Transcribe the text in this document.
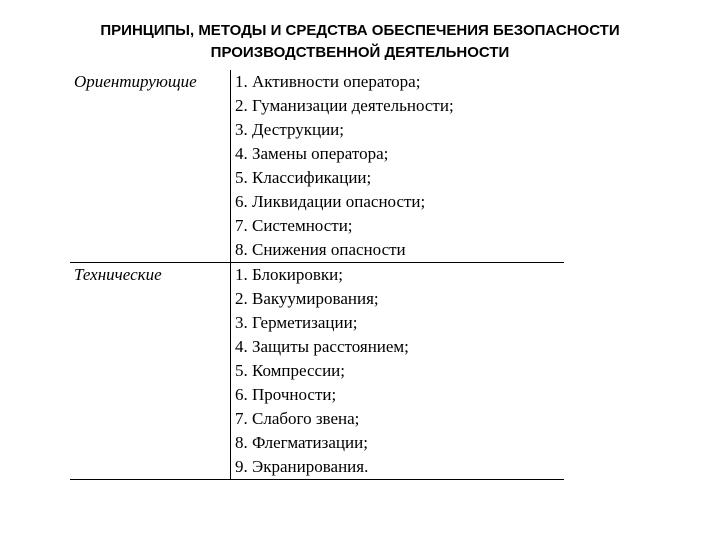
ПРИНЦИПЫ, МЕТОДЫ И СРЕДСТВА ОБЕСПЕЧЕНИЯ БЕЗОПАСНОСТИ ПРОИЗВОДСТВЕННОЙ ДЕЯТЕЛЬНОСТИ
Ориентирующие	1. Активности оператора;
2. Гуманизации деятельности;
3. Деструкции;
4. Замены оператора;
5. Классификации;
6. Ликвидации опасности;
7. Системности;
8. Снижения опасности
Технические	1. Блокировки;
2. Вакуумирования;
3. Герметизации;
4. Защиты расстоянием;
5. Компрессии;
6. Прочности;
7. Слабого звена;
8. Флегматизации;
9. Экранирования.
